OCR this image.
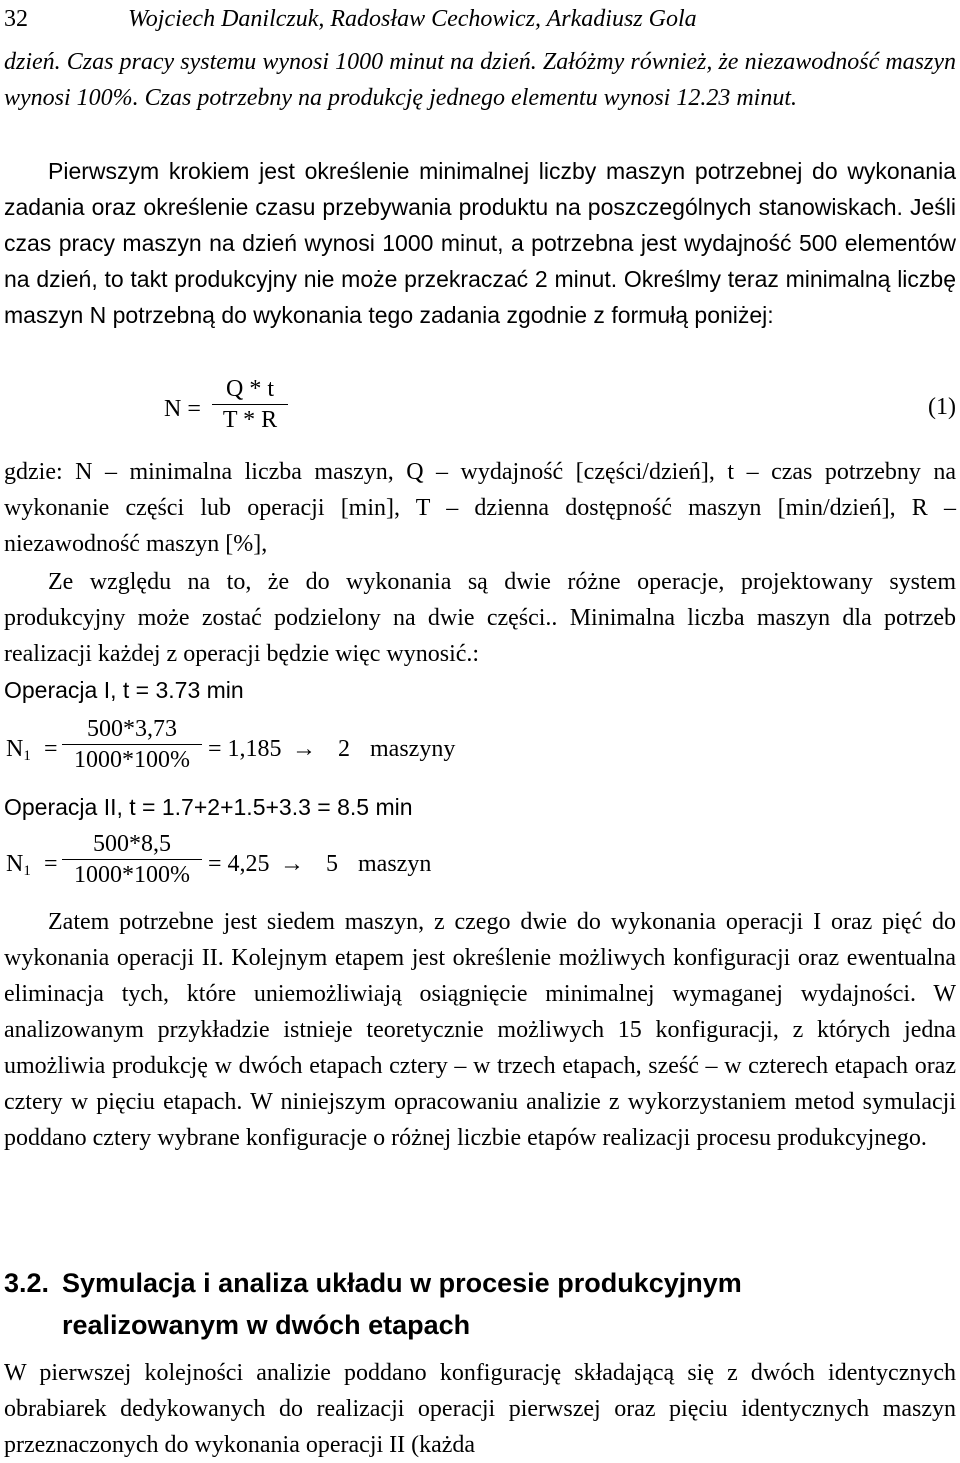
32	Wojciech Danilczuk, Radosław Cechowicz, Arkadiusz Gola
dzień. Czas pracy systemu wynosi 1000 minut na dzień. Załóżmy również, że niezawodność maszyn wynosi 100%. Czas potrzebny na produkcję jednego elementu wynosi 12.23 minut.
Pierwszym krokiem jest określenie minimalnej liczby maszyn potrzebnej do wykonania zadania oraz określenie czasu przebywania produktu na poszczególnych stanowiskach. Jeśli czas pracy maszyn na dzień wynosi 1000 minut, a potrzebna jest wydajność 500 elementów na dzień, to takt produkcyjny nie może przekraczać 2 minut. Określmy teraz minimalną liczbę maszyn N potrzebną do wykonania tego zadania zgodnie z formułą poniżej:
$N = \frac{Q * t}{T * R}$	(1)
gdzie: N – minimalna liczba maszyn, Q – wydajność [części/dzień], t – czas potrzebny na wykonanie części lub operacji [min], T – dzienna dostępność maszyn [min/dzień], R – niezawodność maszyn [%],
Ze względu na to, że do wykonania są dwie różne operacje, projektowany system produkcyjny może zostać podzielony na dwie części.. Minimalna liczba maszyn dla potrzeb realizacji każdej z operacji będzie więc wynosić.:
Operacja I, t = 3.73 min
$N_1 = \frac{500*3,73}{1000*100\%} = 1,185 \to 2$ maszyny
Operacja II, t = 1.7+2+1.5+3.3 = 8.5 min
$N_1 = \frac{500*8,5}{1000*100\%} = 4,25 \to 5$ maszyn
Zatem potrzebne jest siedem maszyn, z czego dwie do wykonania operacji I oraz pięć do wykonania operacji II. Kolejnym etapem jest określenie możliwych konfiguracji oraz ewentualna eliminacja tych, które uniemożliwiają osiągnięcie minimalnej wymaganej wydajności. W analizowanym przykładzie istnieje teoretycznie możliwych 15 konfiguracji, z których jedna umożliwia produkcję w dwóch etapach cztery – w trzech etapach, sześć – w czterech etapach oraz cztery w pięciu etapach. W niniejszym opracowaniu analizie z wykorzystaniem metod symulacji poddano cztery wybrane konfiguracje o różnej liczbie etapów realizacji procesu produkcyjnego.
3.2. Symulacja i analiza układu w procesie produkcyjnym
realizowanym w dwóch etapach
W pierwszej kolejności analizie poddano konfigurację składającą się z dwóch identycznych obrabiarek dedykowanych do realizacji operacji pierwszej oraz pięciu identycznych maszyn przeznaczonych do wykonania operacji II (każda
